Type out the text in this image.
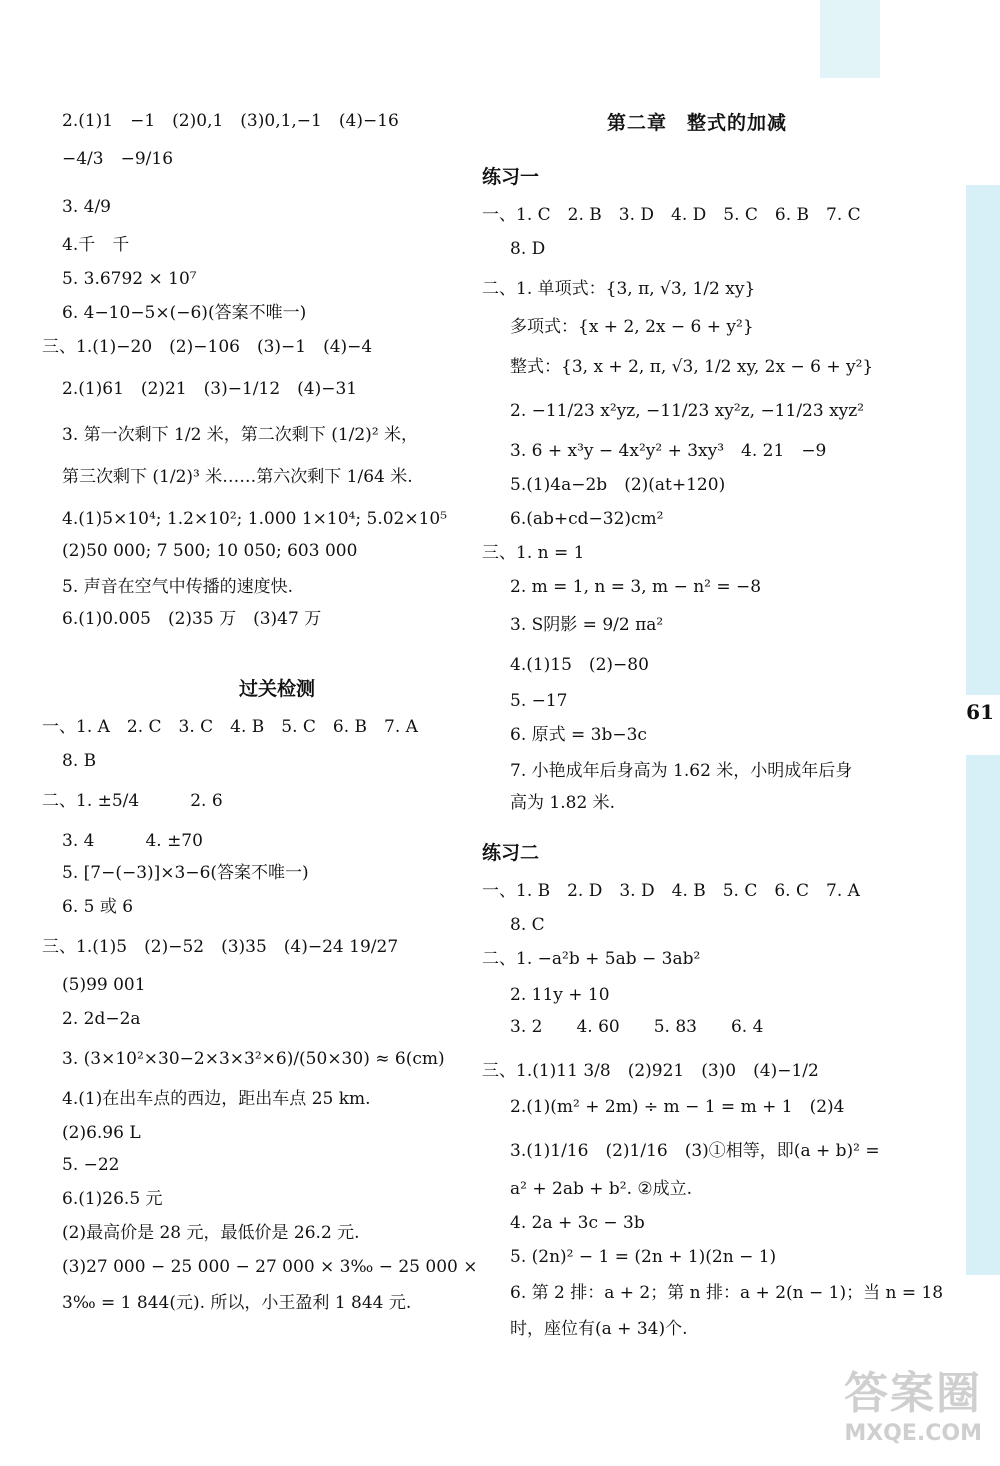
61
2.(1)1　−1　(2)0,1　(3)0,1,−1　(4)−16
−4/3　−9/16
3. 4/9
4.千　千
5. 3.6792 × 10⁷
6. 4−10−5×(−6)(答案不唯一)
三、1.(1)−20　(2)−106　(3)−1　(4)−4
2.(1)61　(2)21　(3)−1/12　(4)−31
3. 第一次剩下 1/2 米，第二次剩下 (1/2)² 米，
第三次剩下 (1/2)³ 米……第六次剩下 1/64 米.
4.(1)5×10⁴; 1.2×10²; 1.000 1×10⁴; 5.02×10⁵
(2)50 000; 7 500; 10 050; 603 000
5. 声音在空气中传播的速度快.
6.(1)0.005　(2)35 万　(3)47 万
过关检测
一、1. A　2. C　3. C　4. B　5. C　6. B　7. A
8. B
二、1. ±5/4　　　2. 6
3. 4　　　4. ±70
5. [7−(−3)]×3−6(答案不唯一)
6. 5 或 6
三、1.(1)5　(2)−52　(3)35　(4)−24 19/27
(5)99 001
2. 2d−2a
3. (3×10²×30−2×3×3²×6)/(50×30) ≈ 6(cm)
4.(1)在出车点的西边，距出车点 25 km.
(2)6.96 L
5. −22
6.(1)26.5 元
(2)最高价是 28 元，最低价是 26.2 元.
(3)27 000 − 25 000 − 27 000 × 3‰ − 25 000 ×
3‰ = 1 844(元). 所以，小王盈利 1 844 元.
第二章　整式的加减
练习一
一、1. C　2. B　3. D　4. D　5. C　6. B　7. C
8. D
二、1. 单项式：{3, π, √3, 1/2 xy}
多项式：{x + 2, 2x − 6 + y²}
整式：{3, x + 2, π, √3, 1/2 xy, 2x − 6 + y²}
2. −11/23 x²yz, −11/23 xy²z, −11/23 xyz²
3. 6 + x³y − 4x²y² + 3xy³　4. 21　−9
5.(1)4a−2b　(2)(at+120)
6.(ab+cd−32)cm²
三、1. n = 1
2. m = 1, n = 3, m − n² = −8
3. S阴影 = 9/2 πa²
4.(1)15　(2)−80
5. −17
6. 原式 = 3b−3c
7. 小艳成年后身高为 1.62 米，小明成年后身
高为 1.82 米.
练习二
一、1. B　2. D　3. D　4. B　5. C　6. C　7. A
8. C
二、1. −a²b + 5ab − 3ab²
2. 11y + 10
3. 2　　4. 60　　5. 83　　6. 4
三、1.(1)11 3/8　(2)921　(3)0　(4)−1/2
2.(1)(m² + 2m) ÷ m − 1 = m + 1　(2)4
3.(1)1/16　(2)1/16　(3)①相等，即(a + b)² =
a² + 2ab + b². ②成立.
4. 2a + 3c − 3b
5. (2n)² − 1 = (2n + 1)(2n − 1)
6. 第 2 排：a + 2；第 n 排：a + 2(n − 1)；当 n = 18
时，座位有(a + 34)个.
答案圈
MXQE.COM
